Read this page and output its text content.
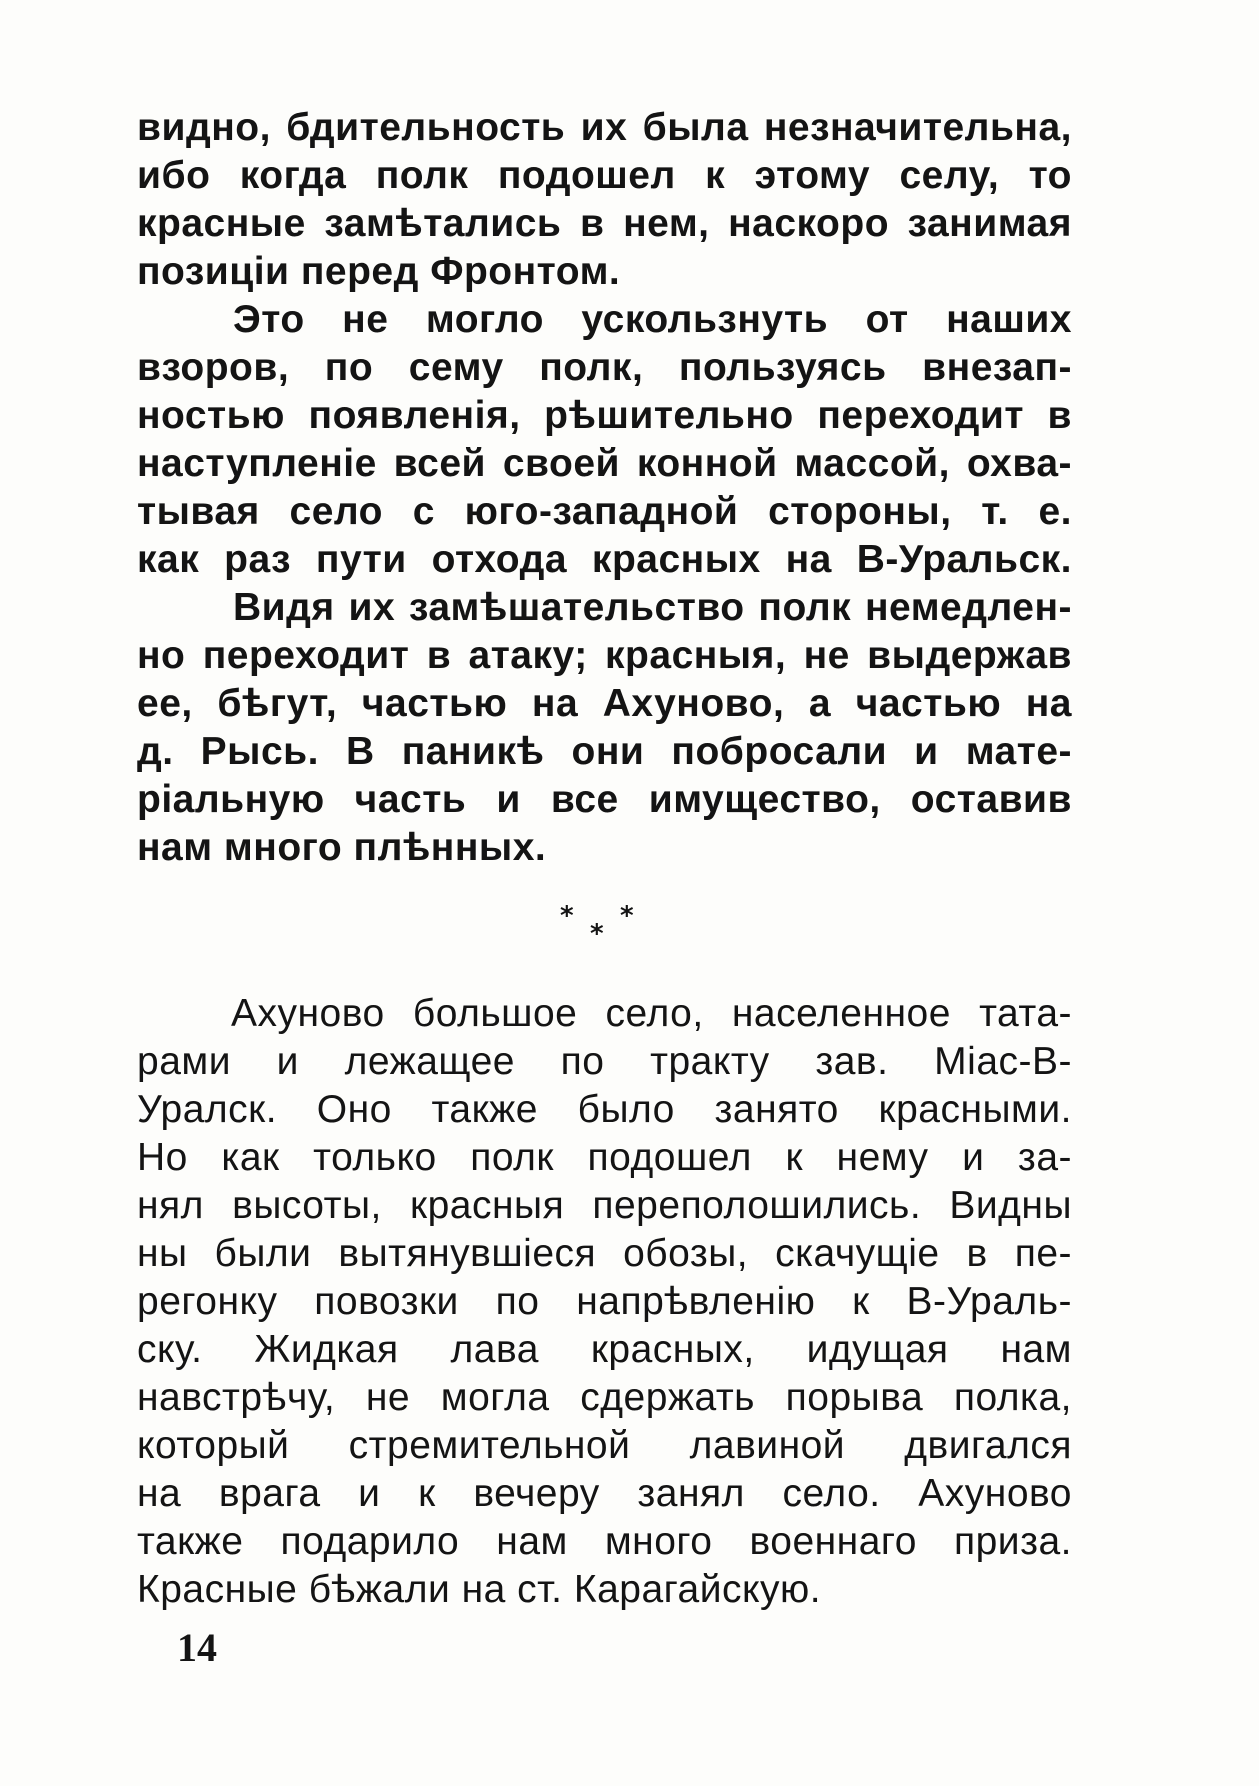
видно, бдительность их была незначительна,
ибо когда полк подошел к этому селу, то
красные замѣтались в нем, наскоро занимая
позиціи перед Фронтом.
Это не могло ускользнуть от наших
взоров, по сему полк, пользуясь внезап-
ностью появленія, рѣшительно переходит в
наступленіе всей своей конной массой, охва-
тывая село с юго-западной стороны, т. е.
как раз пути отхода красных на В-Уральск.
Видя их замѣшательство полк немедлен-
но переходит в атаку; красныя, не выдержав
ее, бѣгут, частью на Ахуново, а частью на
д. Рысь. В паникѣ они побросали и мате-
ріальную часть и все имущество, оставив
нам много плѣнных.
*
*
*
Ахуново большое село, населенное тата-
рами и лежащее по тракту зав. Міас-В-
Уралск. Оно также было занято красными.
Но как только полк подошел к нему и за-
нял высоты, красныя переполошились. Видны
ны были вытянувшіеся обозы, скачущіе в пе-
регонку повозки по напрѣвленію к В-Ураль-
ску. Жидкая лава красных, идущая нам
навстрѣчу, не могла сдержать порыва полка,
который стремительной лавиной двигался
на врага и к вечеру занял село. Ахуново
также подарило нам много военнаго приза.
Красные бѣжали на ст. Карагайскую.
14
